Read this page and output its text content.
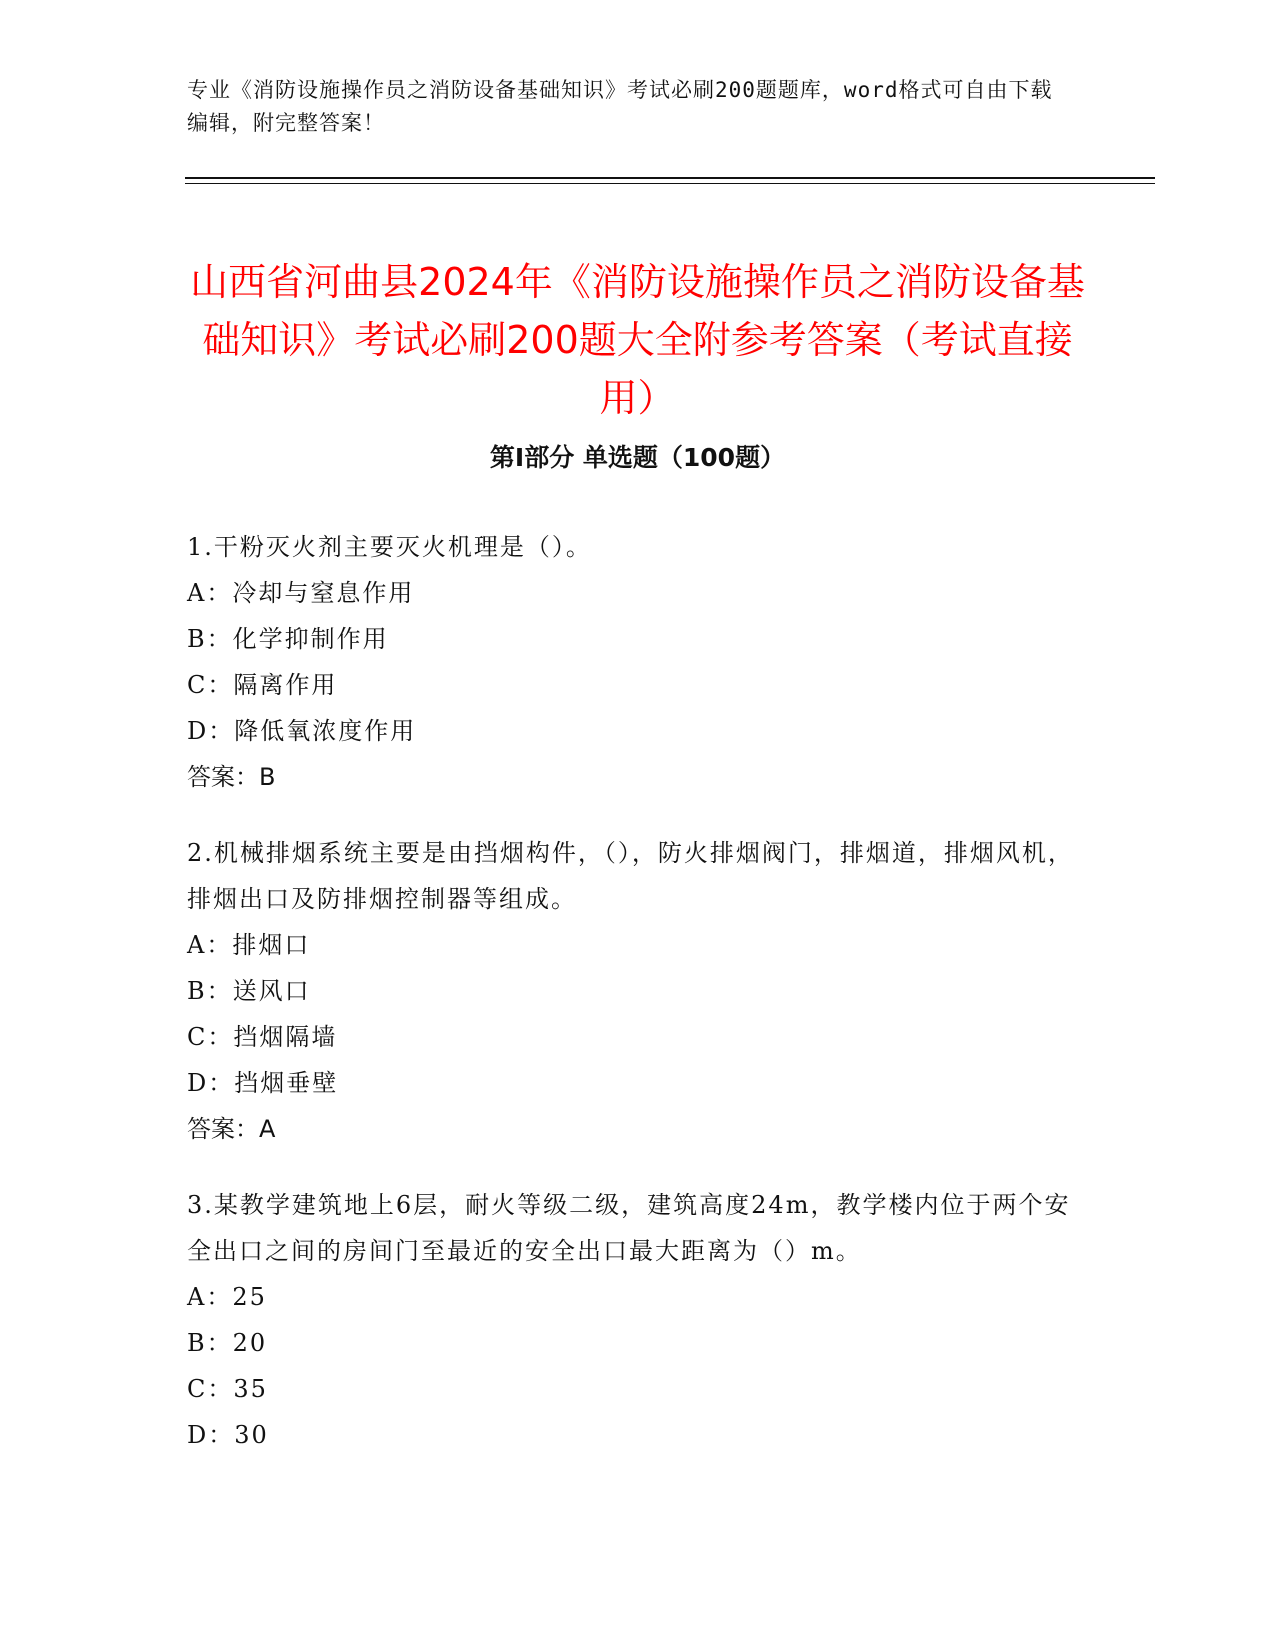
专业《消防设施操作员之消防设备基础知识》考试必刷200题题库，word格式可自由下载编辑，附完整答案！
山西省河曲县2024年《消防设施操作员之消防设备基础知识》考试必刷200题大全附参考答案（考试直接用）
第Ⅰ部分 单选题（100题）
1.干粉灭火剂主要灭火机理是（）。
A：冷却与窒息作用
B：化学抑制作用
C：隔离作用
D：降低氧浓度作用
答案：B
2.机械排烟系统主要是由挡烟构件，（），防火排烟阀门，排烟道，排烟风机，排烟出口及防排烟控制器等组成。
A：排烟口
B：送风口
C：挡烟隔墙
D：挡烟垂壁
答案：A
3.某教学建筑地上6层，耐火等级二级，建筑高度24m，教学楼内位于两个安全出口之间的房间门至最近的安全出口最大距离为（）m。
A：25
B：20
C：35
D：30
